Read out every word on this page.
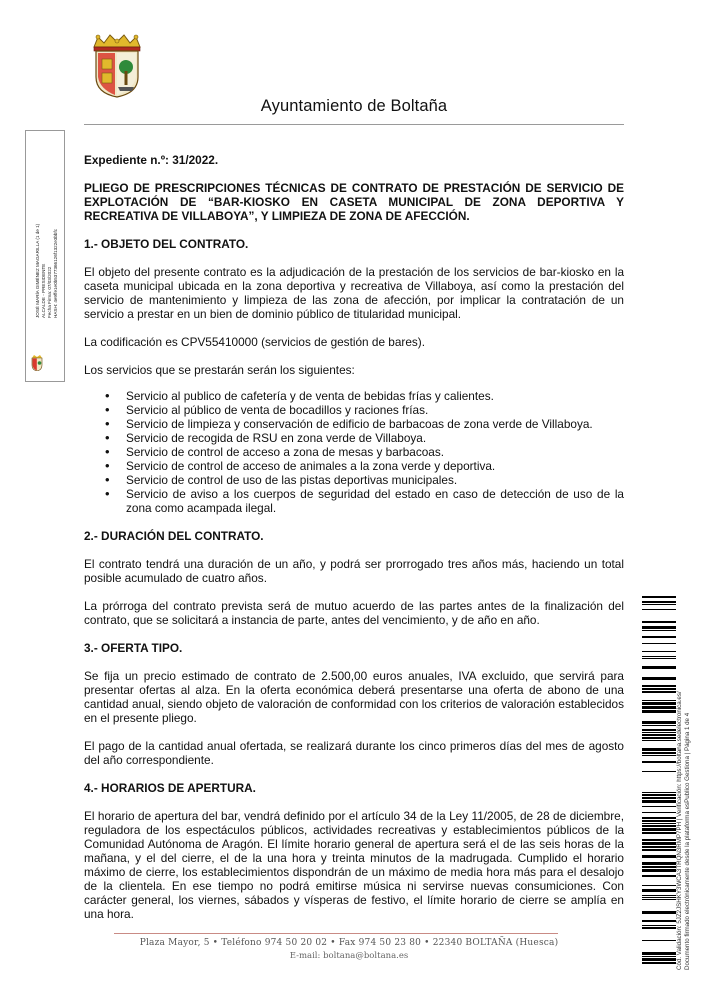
Ayuntamiento de Boltaña
JOSÉ MARÍA GIMÉNEZ MAGARILLA (1 de 1) ALCALDE - PRESIDENTE Fecha Firma: 07/03/2022 HASH: 4e9ffe1e0b5377366126f1322e3bbfc

Expediente n.º: 31/2022.

PLIEGO DE PRESCRIPCIONES TÉCNICAS DE CONTRATO DE PRESTACIÓN DE SERVICIO DE EXPLOTACIÓN DE “BAR-KIOSKO EN CASETA MUNICIPAL DE ZONA DEPORTIVA Y RECREATIVA DE VILLABOYA”, Y LIMPIEZA DE ZONA DE AFECCIÓN.

1.- OBJETO DEL CONTRATO.

El objeto del presente contrato es la adjudicación de la prestación de los servicios de bar-kiosko en la caseta municipal ubicada en la zona deportiva y recreativa de Villaboya, así como la prestación del servicio de mantenimiento y limpieza de las zona de afección, por implicar la contratación de un servicio a prestar en un bien de dominio público de titularidad municipal.

La codificación es CPV55410000 (servicios de gestión de bares).

Los servicios que se prestarán serán los siguientes:

• Servicio al publico de cafetería y de venta de bebidas frías y calientes.
• Servicio al público de venta de bocadillos y raciones frías.
• Servicio de limpieza y conservación de edificio de barbacoas de zona verde de Villaboya.
• Servicio de recogida de RSU en zona verde de Villaboya.
• Servicio de control de acceso a zona de mesas y barbacoas.
• Servicio de control de acceso de animales a la zona verde y deportiva.
• Servicio de control de uso de las pistas deportivas municipales.
• Servicio de aviso a los cuerpos de seguridad del estado en caso de detección de uso de la zona como acampada ilegal.

2.- DURACIÓN DEL CONTRATO.

El contrato tendrá una duración de un año, y podrá ser prorrogado tres años más, haciendo un total posible acumulado de cuatro años.

La prórroga del contrato prevista será de mutuo acuerdo de las partes antes de la finalización del contrato, que se solicitará a instancia de parte, antes del vencimiento, y de año en año.

3.- OFERTA TIPO.

Se fija un precio estimado de contrato de 2.500,00 euros anuales, IVA excluido, que servirá para presentar ofertas al alza. En la oferta económica deberá presentarse una oferta de abono de una cantidad anual, siendo objeto de valoración de conformidad con los criterios de valoración establecidos en el presente pliego.

El pago de la cantidad anual ofertada, se realizará durante los cinco primeros días del mes de agosto del año correspondiente.

4.- HORARIOS DE APERTURA.

El horario de apertura del bar, vendrá definido por el artículo 34 de la Ley 11/2005, de 28 de diciembre, reguladora de los espectáculos públicos, actividades recreativas y establecimientos públicos de la Comunidad Autónoma de Aragón. El límite horario general de apertura será el de las seis horas de la mañana, y el del cierre, el de la una hora y treinta minutos de la madrugada. Cumplido el horario máximo de cierre, los establecimientos dispondrán de un máximo de media hora más para el desalojo de la clientela. En ese tiempo no podrá emitirse música ni servirse nuevas consumiciones. Con carácter general, los viernes, sábados y vísperas de festivo, el límite horario de cierre se amplía en una hora.

Plaza Mayor, 5 • Teléfono 974 50 20 02 • Fax 974 50 23 80 • 22340 BOLTAÑA (Huesca)
E-mail: boltana@boltana.es	Cód. Validación: 5JZ2JSHKY3WCA3TRQN3RMP7PH | Verificación: https://boltana.sedelectronica.es/ Documento firmado electrónicamente desde la plataforma esPublico Gestiona | Página 1 de 4
